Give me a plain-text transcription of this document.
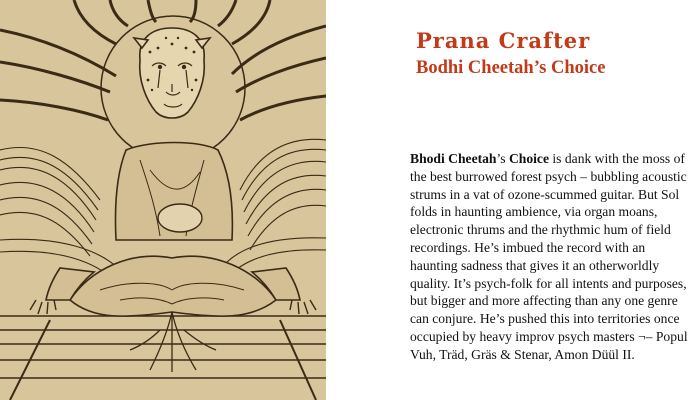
Prana Crafter
Bodhi Cheetah’s Choice

Bhodi Cheetah’s Choice is dank with the moss of the best burrowed forest psych – bubbling acoustic strums in a vat of ozone-scummed guitar. But Sol folds in haunting ambience, via organ moans, electronic thrums and the rhythmic hum of field recordings. He’s imbued the record with an haunting sadness that gives it an otherworldly quality. It’s psych-folk for all intents and purposes, but bigger and more affecting than any one genre can conjure. He’s pushed this into territories once occupied by heavy improv psych masters ¬– Popul Vuh, Träd, Gräs & Stenar, Amon Düül II.
